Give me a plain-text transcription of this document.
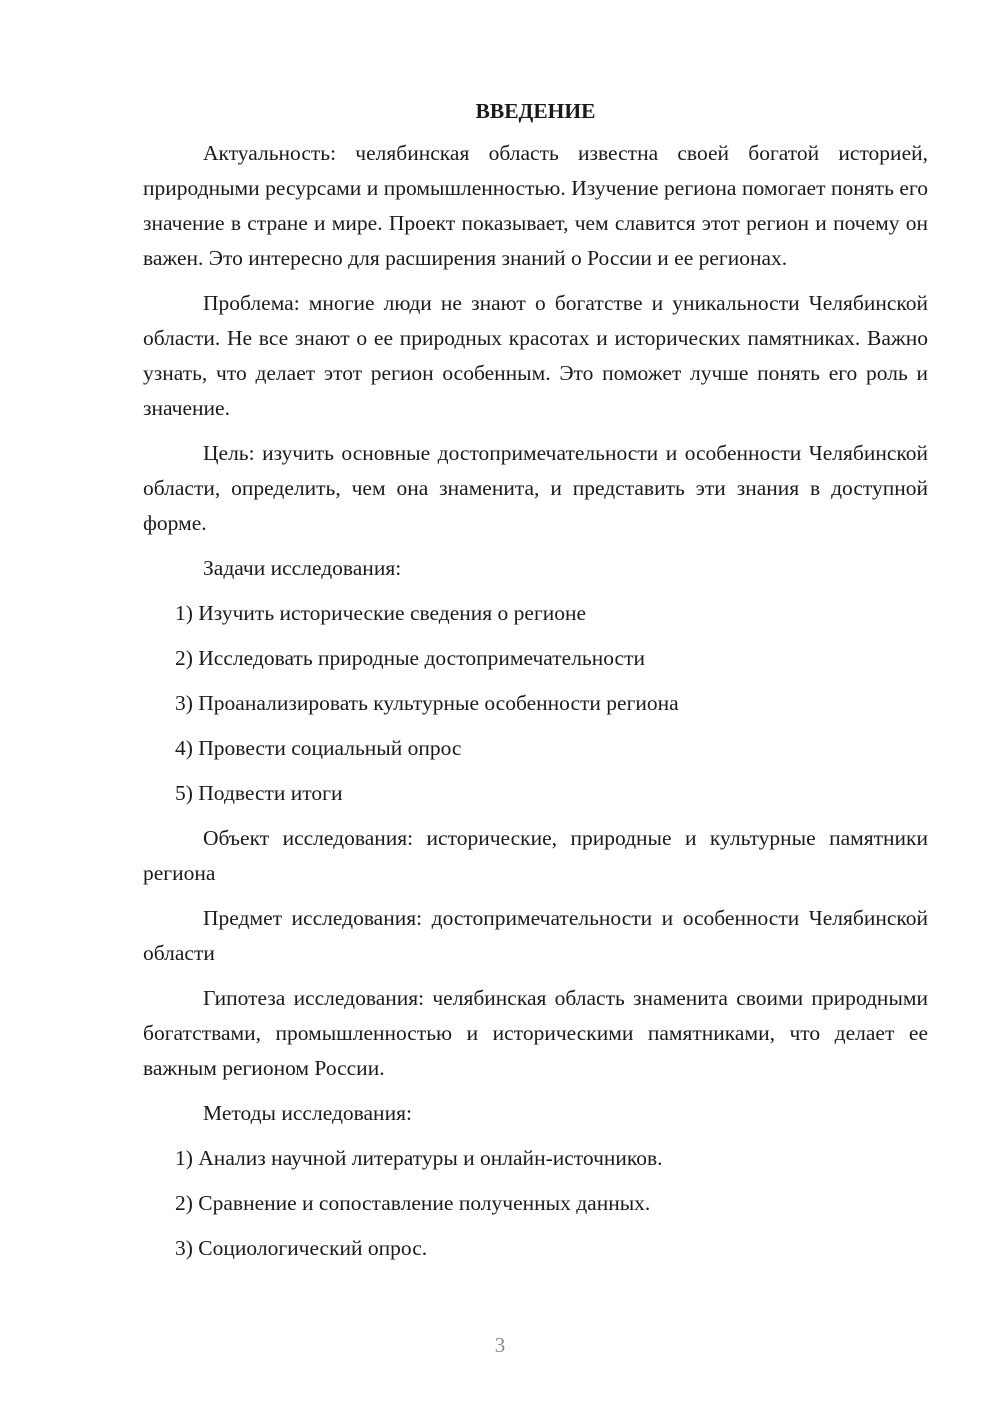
ВВЕДЕНИЕ

Актуальность: челябинская область известна своей богатой историей, природными ресурсами и промышленностью. Изучение региона помогает понять его значение в стране и мире. Проект показывает, чем славится этот регион и почему он важен. Это интересно для расширения знаний о России и ее регионах.

Проблема: многие люди не знают о богатстве и уникальности Челябинской области. Не все знают о ее природных красотах и исторических памятниках. Важно узнать, что делает этот регион особенным. Это поможет лучше понять его роль и значение.

Цель: изучить основные достопримечательности и особенности Челябинской области, определить, чем она знаменита, и представить эти знания в доступной форме.

Задачи исследования:

1) Изучить исторические сведения о регионе

2) Исследовать природные достопримечательности

3) Проанализировать культурные особенности региона

4) Провести социальный опрос

5) Подвести итоги

Объект исследования: исторические, природные и культурные памятники региона

Предмет исследования: достопримечательности и особенности Челябинской области

Гипотеза исследования: челябинская область знаменита своими природными богатствами, промышленностью и историческими памятниками, что делает ее важным регионом России.

Методы исследования:

1) Анализ научной литературы и онлайн-источников.

2) Сравнение и сопоставление полученных данных.

3) Социологический опрос.

3
